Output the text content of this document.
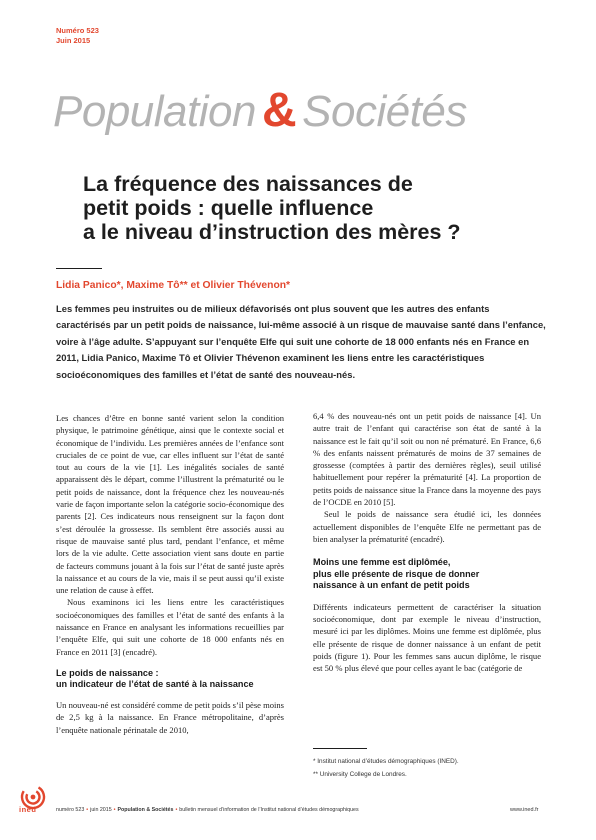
Numéro 523
Juin 2015
Population & Sociétés
La fréquence des naissances de
petit poids : quelle influence
a le niveau d’instruction des mères ?
Lidia Panico*, Maxime Tô** et Olivier Thévenon*

Les femmes peu instruites ou de milieux défavorisés ont plus souvent que les autres des enfants caractérisés par un petit poids de naissance, lui-même associé à un risque de mauvaise santé dans l’enfance, voire à l’âge adulte. S’appuyant sur l’enquête Elfe qui suit une cohorte de 18 000 enfants nés en France en 2011, Lidia Panico, Maxime Tô et Olivier Thévenon examinent les liens entre les caractéristiques socioéconomiques des familles et l’état de santé des nouveau-nés.

Les chances d’être en bonne santé varient selon la condition physique, le patrimoine génétique, ainsi que le contexte social et économique de l’individu. Les premières années de l’enfance sont cruciales de ce point de vue, car elles influent sur l’état de santé tout au cours de la vie [1]. Les inégalités sociales de santé apparaissent dès le départ, comme l’illustrent la prématurité ou le petit poids de naissance, dont la fréquence chez les nouveau-nés varie de façon importante selon la catégorie socio-économique des parents [2]. Ces indicateurs nous renseignent sur la façon dont s’est déroulée la grossesse. Ils semblent être associés aussi au risque de mauvaise santé plus tard, pendant l’enfance, et même lors de la vie adulte. Cette association vient sans doute en partie de facteurs communs jouant à la fois sur l’état de santé juste après la naissance et au cours de la vie, mais il se peut aussi qu’il existe une relation de cause à effet.

Nous examinons ici les liens entre les caractéristiques socioéconomiques des familles et l’état de santé des enfants à la naissance en France en analysant les informations recueillies par l’enquête Elfe, qui suit une cohorte de 18 000 enfants nés en France en 2011 [3] (encadré).

Le poids de naissance :
un indicateur de l’état de santé à la naissance

Un nouveau-né est considéré comme de petit poids s’il pèse moins de 2,5 kg à la naissance. En France métropolitaine, d’après l’enquête nationale périnatale de 2010,

6,4 % des nouveau-nés ont un petit poids de naissance [4]. Un autre trait de l’enfant qui caractérise son état de santé à la naissance est le fait qu’il soit ou non né prématuré. En France, 6,6 % des enfants naissent prématurés de moins de 37 semaines de grossesse (comptées à partir des dernières règles), seuil utilisé habituellement pour repérer la prématurité [4]. La proportion de petits poids de naissance situe la France dans la moyenne des pays de l’OCDE en 2010 [5].

Seul le poids de naissance sera étudié ici, les données actuellement disponibles de l’enquête Elfe ne permettant pas de bien analyser la prématurité (encadré).

Moins une femme est diplômée,
plus elle présente de risque de donner
naissance à un enfant de petit poids

Différents indicateurs permettent de caractériser la situation socioéconomique, dont par exemple le niveau d’instruction, mesuré ici par les diplômes. Moins une femme est diplômée, plus elle présente de risque de donner naissance à un enfant de petit poids (figure 1). Pour les femmes sans aucun diplôme, le risque est 50 % plus élevé que pour celles ayant le bac (catégorie de

* Institut national d’études démographiques (INED).
** University College de Londres.
ined	numéro 523 • juin 2015 • Population & Sociétés • bulletin mensuel d’information de l’Institut national d’études démographiques	www.ined.fr
